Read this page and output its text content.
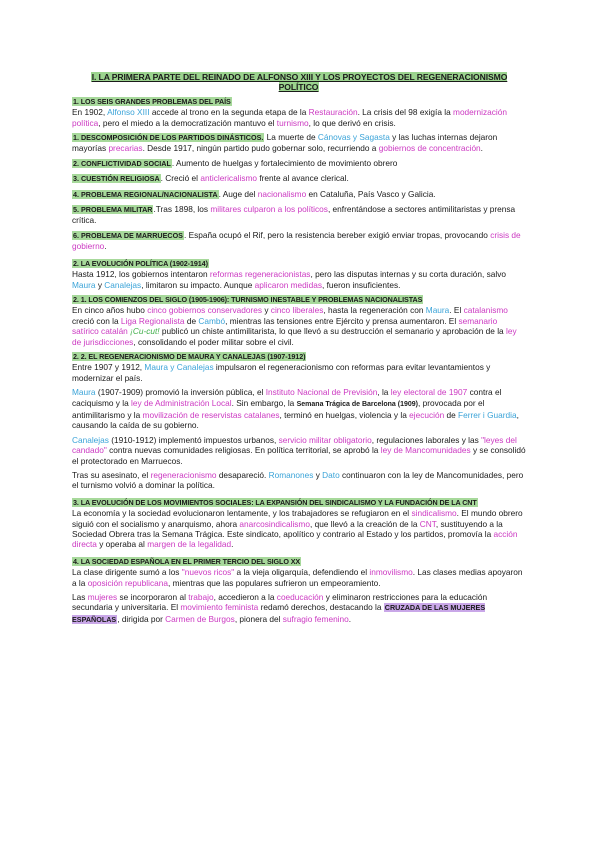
I. LA PRIMERA PARTE DEL REINADO DE ALFONSO XIII Y LOS PROYECTOS DEL REGENERACIONISMO POLÍTICO
1. LOS SEIS GRANDES PROBLEMAS DEL PAÍS

En 1902, Alfonso XIII accede al trono en la segunda etapa de la Restauración. La crisis del 98 exigía la modernización política, pero el miedo a la democratización mantuvo el turnismo, lo que derivó en crisis.

1. DESCOMPOSICIÓN DE LOS PARTIDOS DINÁSTICOS. La muerte de Cánovas y Sagasta y las luchas internas dejaron mayorías precarias. Desde 1917, ningún partido pudo gobernar solo, recurriendo a gobiernos de concentración.

2. CONFLICTIVIDAD SOCIAL. Aumento de huelgas y fortalecimiento de movimiento obrero

3. CUESTIÓN RELIGIOSA. Creció el anticlericalismo frente al avance clerical.

4. PROBLEMA REGIONAL/NACIONALISTA. Auge del nacionalismo en Cataluña, País Vasco y Galicia.

5. PROBLEMA MILITAR.Tras 1898, los militares culparon a los políticos, enfrentándose a sectores antimilitaristas y prensa crítica.

6. PROBLEMA DE MARRUECOS. España ocupó el Rif, pero la resistencia bereber exigió enviar tropas, provocando crisis de gobierno.

2. LA EVOLUCIÓN POLÍTICA (1902-1914)

Hasta 1912, los gobiernos intentaron reformas regeneracionistas, pero las disputas internas y su corta duración, salvo Maura y Canalejas, limitaron su impacto. Aunque aplicaron medidas, fueron insuficientes.

2. 1. LOS COMIENZOS DEL SIGLO (1905-1906): TURNISMO INESTABLE Y PROBLEMAS NACIONALISTAS

En cinco años hubo cinco gobiernos conservadores y cinco liberales, hasta la regeneración con Maura. El catalanismo creció con la Liga Regionalista de Cambó, mientras las tensiones entre Ejército y prensa aumentaron. El semanario satírico catalán ¡Cu-cut! publicó un chiste antimilitarista, lo que llevó a su destrucción el semanario y aprobación de la ley de jurisdicciones, consolidando el poder militar sobre el civil.

2. 2. EL REGENERACIONISMO DE MAURA Y CANALEJAS (1907-1912)

Entre 1907 y 1912, Maura y Canalejas impulsaron el regeneracionismo con reformas para evitar levantamientos y modernizar el país.

Maura (1907-1909) promovió la inversión pública, el Instituto Nacional de Previsión, la ley electoral de 1907 contra el caciquismo y la ley de Administración Local. Sin embargo, la Semana Trágica de Barcelona (1909), provocada por el antimilitarismo y la movilización de reservistas catalanes, terminó en huelgas, violencia y la ejecución de Ferrer i Guardia, causando la caída de su gobierno.

Canalejas (1910-1912) implementó impuestos urbanos, servicio militar obligatorio, regulaciones laborales y las "leyes del candado" contra nuevas comunidades religiosas. En política territorial, se aprobó la ley de Mancomunidades y se consolidó el protectorado en Marruecos.

Tras su asesinato, el regeneracionismo desapareció. Romanones y Dato continuaron con la ley de Mancomunidades, pero el turnismo volvió a dominar la política.

3. LA EVOLUCIÓN DE LOS MOVIMIENTOS SOCIALES: LA EXPANSIÓN DEL SINDICALISMO Y LA FUNDACIÓN DE LA CNT

La economía y la sociedad evolucionaron lentamente, y los trabajadores se refugiaron en el sindicalismo. El mundo obrero siguió con el socialismo y anarquismo, ahora anarcosindicalismo, que llevó a la creación de la CNT, sustituyendo a la Sociedad Obrera tras la Semana Trágica. Este sindicato, apolítico y contrario al Estado y los partidos, promovía la acción directa y operaba al margen de la legalidad.

4. LA SOCIEDAD ESPAÑOLA EN EL PRIMER TERCIO DEL SIGLO XX

La clase dirigente sumó a los "nuevos ricos" a la vieja oligarquía, defendiendo el inmovilismo. Las clases medias apoyaron a la oposición republicana, mientras que las populares sufrieron un empeoramiento.

Las mujeres se incorporaron al trabajo, accedieron a la coeducación y eliminaron restricciones para la educación secundaria y universitaria. El movimiento feminista redamó derechos, destacando la CRUZADA DE LAS MUJERES ESPAÑOLAS, dirigida por Carmen de Burgos, pionera del sufragio femenino.
